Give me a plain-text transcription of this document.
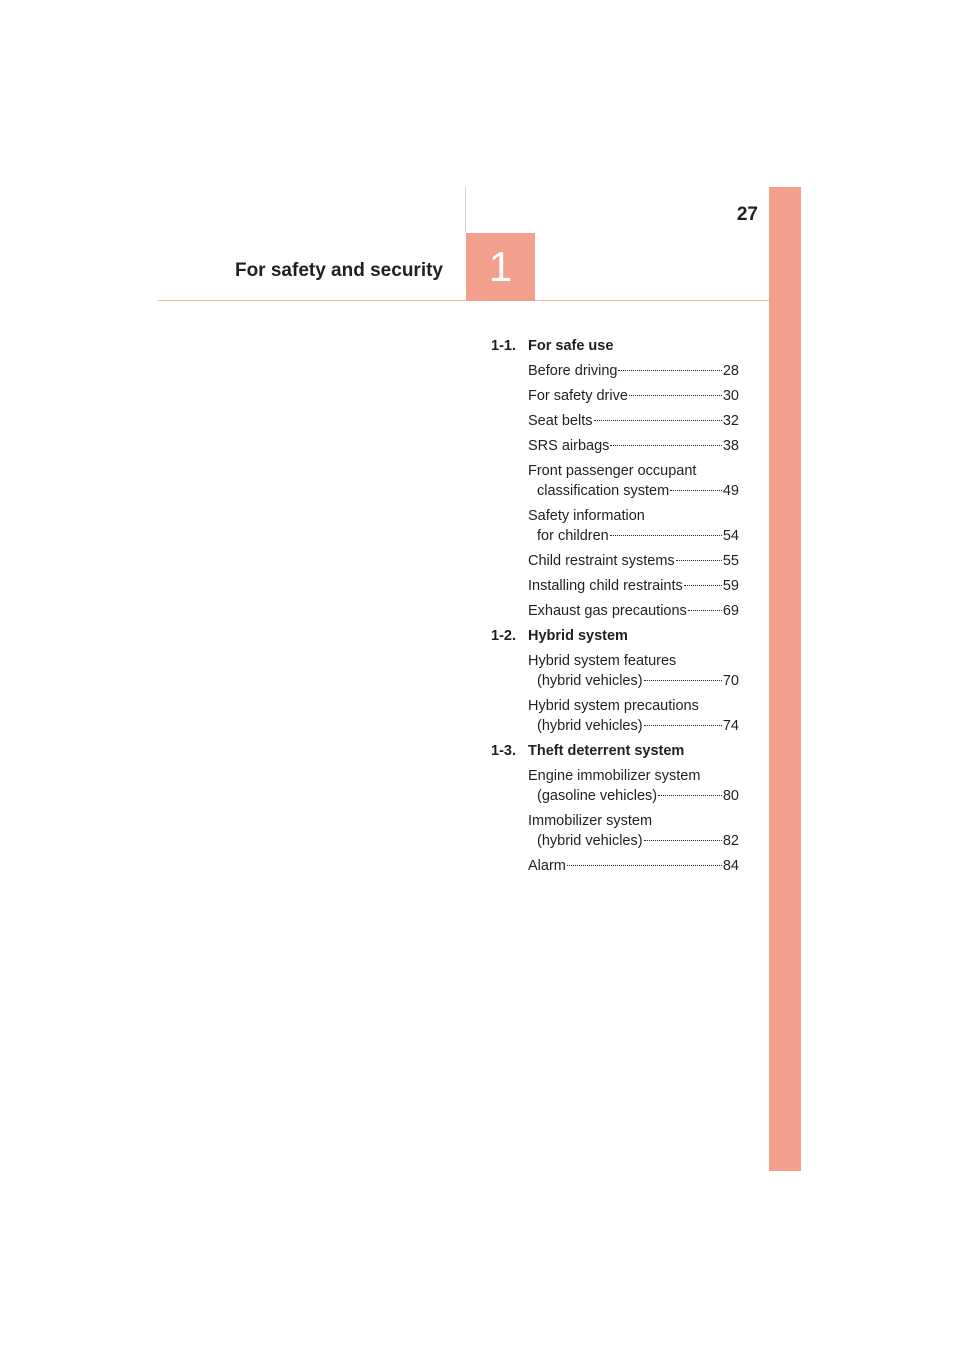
27
1
For safety and security
1-1. For safe use
Before driving	28
For safety drive	30
Seat belts	32
SRS airbags	38
Front passenger occupant
classification system	49
Safety information
for children	54
Child restraint systems	55
Installing child restraints	59
Exhaust gas precautions 69
1-2. Hybrid system
Hybrid system features
(hybrid vehicles)	70
Hybrid system precautions
(hybrid vehicles)	74
1-3. Theft deterrent system
Engine immobilizer system
(gasoline vehicles)	80
Immobilizer system
(hybrid vehicles)	82
Alarm	84
